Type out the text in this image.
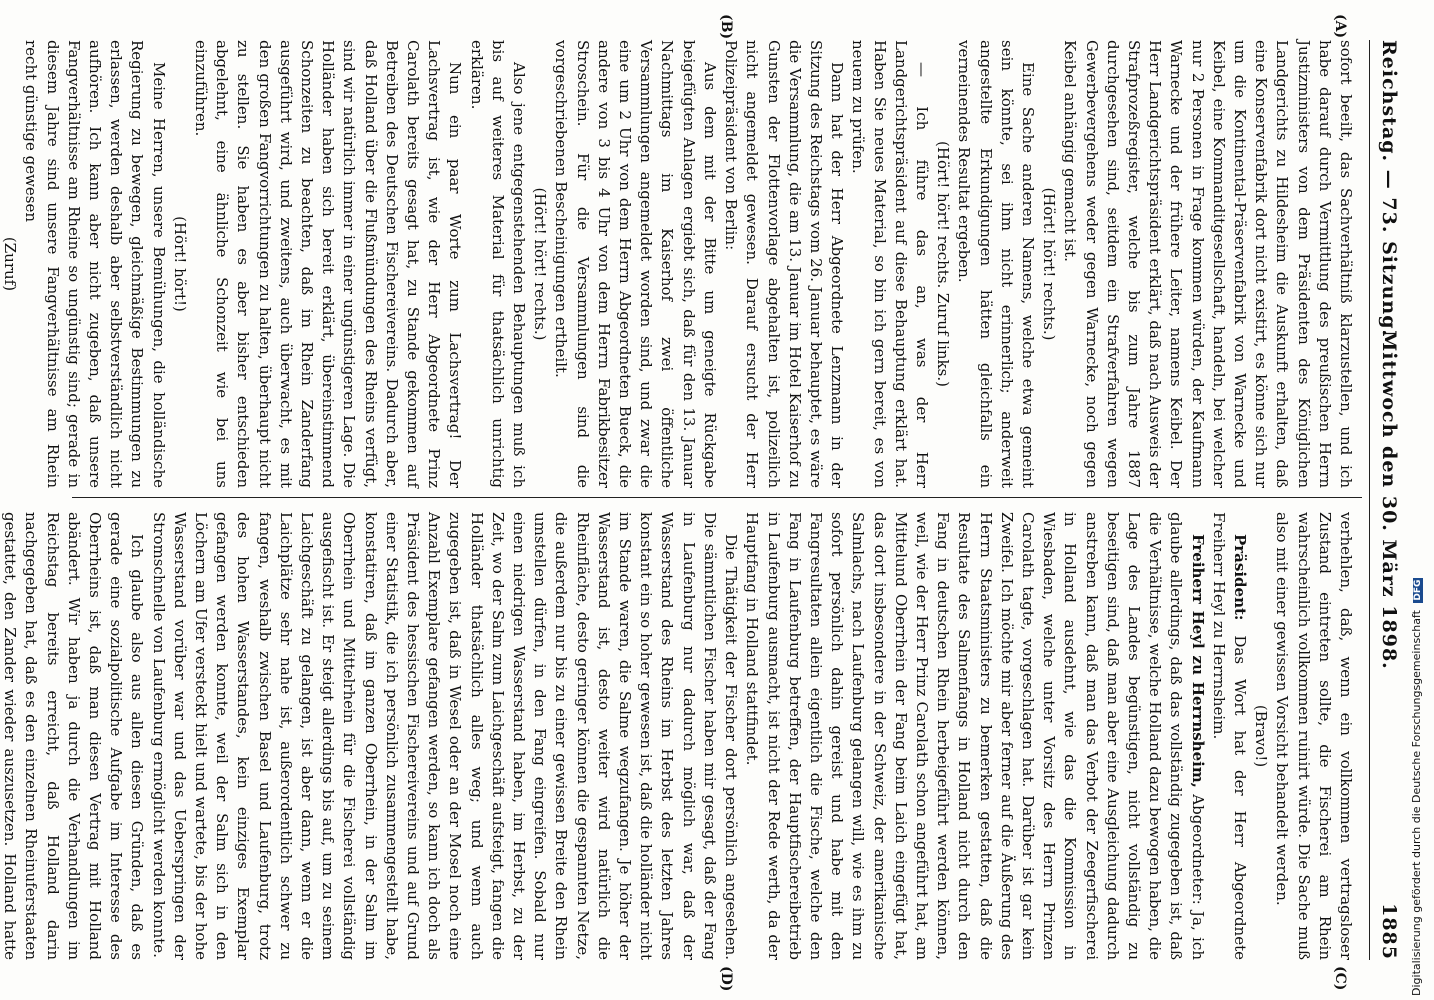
Reichstag. — 73. Sitzung.
Mittwoch den 30. März 1898.
1885

sofort beeilt, das Sachverhältniß klarzustellen, und ich habe darauf durch Vermittlung des preußischen Herrn Justizministers von dem Präsidenten des Königlichen Landgerichts zu Hildesheim die Auskunft erhalten, daß eine Konservenfabrik dort nicht existirt, es könne sich nur um die Kontinental-Präservenfabrik von Warnecke und Keibel, eine Kommanditgesellschaft, handeln, bei welcher nur 2 Personen in Frage kommen würden, der Kaufmann Warnecke und der frühere Leiter, namens Keibel. Der Herr Landgerichtspräsident erklärt, daß nach Ausweis der Strafprozeßregister, welche bis zum Jahre 1887 durchgesehen sind, seitdem ein Strafverfahren wegen Gewerbevergehens weder gegen Warnecke, noch gegen Keibel anhängig gemacht ist.

(Hört! hört! rechts.)

Eine Sache anderen Namens, welche etwa gemeint sein könnte, sei ihm nicht erinnerlich; anderweit angestellte Erkundigungen hätten gleichfalls ein verneinendes Resultat ergeben.

(Hört! hört! rechts. Zuruf links.)

— Ich führe das an, was der Herr Landgerichtspräsident auf diese Behauptung erklärt hat. Haben Sie neues Material, so bin ich gern bereit, es von neuem zu prüfen.

Dann hat der Herr Abgeordnete Lenzmann in der Sitzung des Reichstags vom 26. Januar behauptet, es wäre die Versammlung, die am 13. Januar im Hotel Kaiserhof zu Gunsten der Flottenvorlage abgehalten ist, polizeilich nicht angemeldet gewesen. Darauf ersucht der Herr Polizeipräsident von Berlin:

Aus dem mit der Bitte um geneigte Rückgabe beigefügten Anlagen ergiebt sich, daß für den 13. Januar Nachmittags im Kaiserhof zwei öffentliche Versammlungen angemeldet worden sind, und zwar die eine um 2 Uhr von dem Herrn Abgeordneten Bueck, die andere von 3 bis 4 Uhr von dem Herrn Fabrikbesitzer Stroschein. Für die Versammlungen sind die vorgeschriebenen Bescheinigungen ertheilt.

(Hört! hört! rechts.)

Also jene entgegenstehenden Behauptungen muß ich bis auf weiteres Material für thatsächlich unrichtig erklären.

Nun ein paar Worte zum Lachsvertrag! Der Lachsvertrag ist, wie der Herr Abgeordnete Prinz Carolath bereits gesagt hat, zu Stande gekommen auf Betreiben des Deutschen Fischereivereins. Dadurch aber, daß Holland über die Flußmündungen des Rheins verfügt, sind wir natürlich immer in einer ungünstigeren Lage. Die Holländer haben sich bereit erklärt, übereinstimmend Schonzeiten zu beachten, daß im Rhein Zanderfang ausgeführt wird, und zweitens, auch überwacht, es mit den großen Fangvorrichtungen zu halten, überhaupt nicht zu stellen. Sie haben es aber bisher entschieden abgelehnt, eine ähnliche Schonzeit wie bei uns einzuführen.

(Hört! hört!)

Meine Herren, unsere Bemühungen, die holländische Regierung zu bewegen, gleichmäßige Bestimmungen zu erlassen, werden deshalb aber selbstverständlich nicht aufhören. Ich kann aber nicht zugeben, daß unsere Fangverhältnisse am Rheine so ungünstig sind; gerade in diesem Jahre sind unsere Fangverhältnisse am Rhein recht günstige gewesen

(Zuruf)

verhehlen, daß, wenn ein vollkommen vertragsloser Zustand eintreten sollte, die Fischerei am Rhein wahrscheinlich vollkommen ruinirt würde. Die Sache muß also mit einer gewissen Vorsicht behandelt werden.

(Bravo!)

Präsident: Das Wort hat der Herr Abgeordnete Freiherr Heyl zu Herrnsheim.

Freiherr Heyl zu Herrnsheim, Abgeordneter: Ja, ich glaube allerdings, daß das vollständig zugegeben ist, daß die Verhältnisse, welche Holland dazu bewogen haben, die Lage des Landes begünstigen, nicht vollständig zu beseitigen sind, daß man aber eine Ausgleichung dadurch anstreben kann, daß man das Verbot der Zeegerfischerei in Holland ausdehnt, wie das die Kommission in Wiesbaden, welche unter Vorsitz des Herrn Prinzen Carolath tagte, vorgeschlagen hat. Darüber ist gar kein Zweifel. Ich möchte mir aber ferner auf die Äußerung des Herrn Staatsministers zu bemerken gestatten, daß die Resultate des Salmenfangs in Holland nicht durch den Fang in deutschen Rhein herbeigeführt werden können, weil, wie der Herr Prinz Carolath schon angeführt hat, am Mittelund Oberrhein der Fang beim Laich eingefügt hat, das dort insbesondere in der Schweiz, der amerikanische Salmlachs, nach Laufenburg gelangen will, wie es ihm zu sofort persönlich dahin gereist und habe mit den Fangresultaten allein eigentlich die Fische, welche den Fang in Laufenburg betreffen, der Hauptfischereibetrieb in Laufenburg ausmacht, ist nicht der Rede werth, da der Hauptfang in Holland stattfindet.

Die Thätigkeit der Fischer dort persönlich angesehen. Die sämmtlichen Fischer haben mir gesagt, daß der Fang in Laufenburg nur dadurch möglich war, daß der Wasserstand des Rheins im Herbst des letzten Jahres konstant ein so hoher gewesen ist, daß die holländer nicht im Stande waren, die Salme wegzufangen. Je höher der Wasserstand ist, desto weiter wird natürlich die Rheinfläche, desto geringer können die gespannten Netze, die außerdem nur bis zu einer gewissen Breite den Rhein umstellen dürfen, in den Fang eingreifen. Sobald nur einen niedrigen Wasserstand haben, im Herbst, zu der Zeit, wo der Salm zum Laichgeschäft aufsteigt, fangen die Holländer thatsächlich alles weg; und wenn auch zugegeben ist, daß in Wesel oder an der Mosel noch eine Anzahl Exemplare gefangen werden, so kann ich doch als Präsident des hessischen Fischereivereins und auf Grund einer Statistik, die ich persönlich zusammengestellt habe, konstatiren, daß im ganzen Oberrhein, in der Salm im Oberrhein und Mittelrhein für die Fischerei vollständig ausgefischt ist. Er steigt allerdings bis auf, um zu seinem Laichgeschäft zu gelangen, ist aber dann, wenn er die Laichplätze sehr nahe ist, außerordentlich schwer zu fangen, weshalb zwischen Basel und Laufenburg, trotz des hohen Wasserstandes, kein einziges Exemplar gefangen werden konnte, weil der Salm sich in den Löchern am Ufer versteckt hielt und wartete, bis der hohe Wasserstand vorüber war und das Ueberspringen der Stromschnelle von Laufenburg ermöglicht werden konnte.

Ich glaube also aus allen diesen Gründen, daß es gerade eine sozialpolitische Aufgabe im Interesse des Oberrheins ist, daß man diesen Vertrag mit Holland abändert. Wir haben ja durch die Verhandlungen im Reichstag bereits erreicht, daß Holland darin nachgegeben hat, daß es den einzelnen Rheinuferstaaten gestattet, den Zander wieder auszusetzen. Holland hatte

(A)
(B)
(C)
(D)	Digitalisierung gefördert durch die Deutsche Forschungsgemeinschaft DFG
